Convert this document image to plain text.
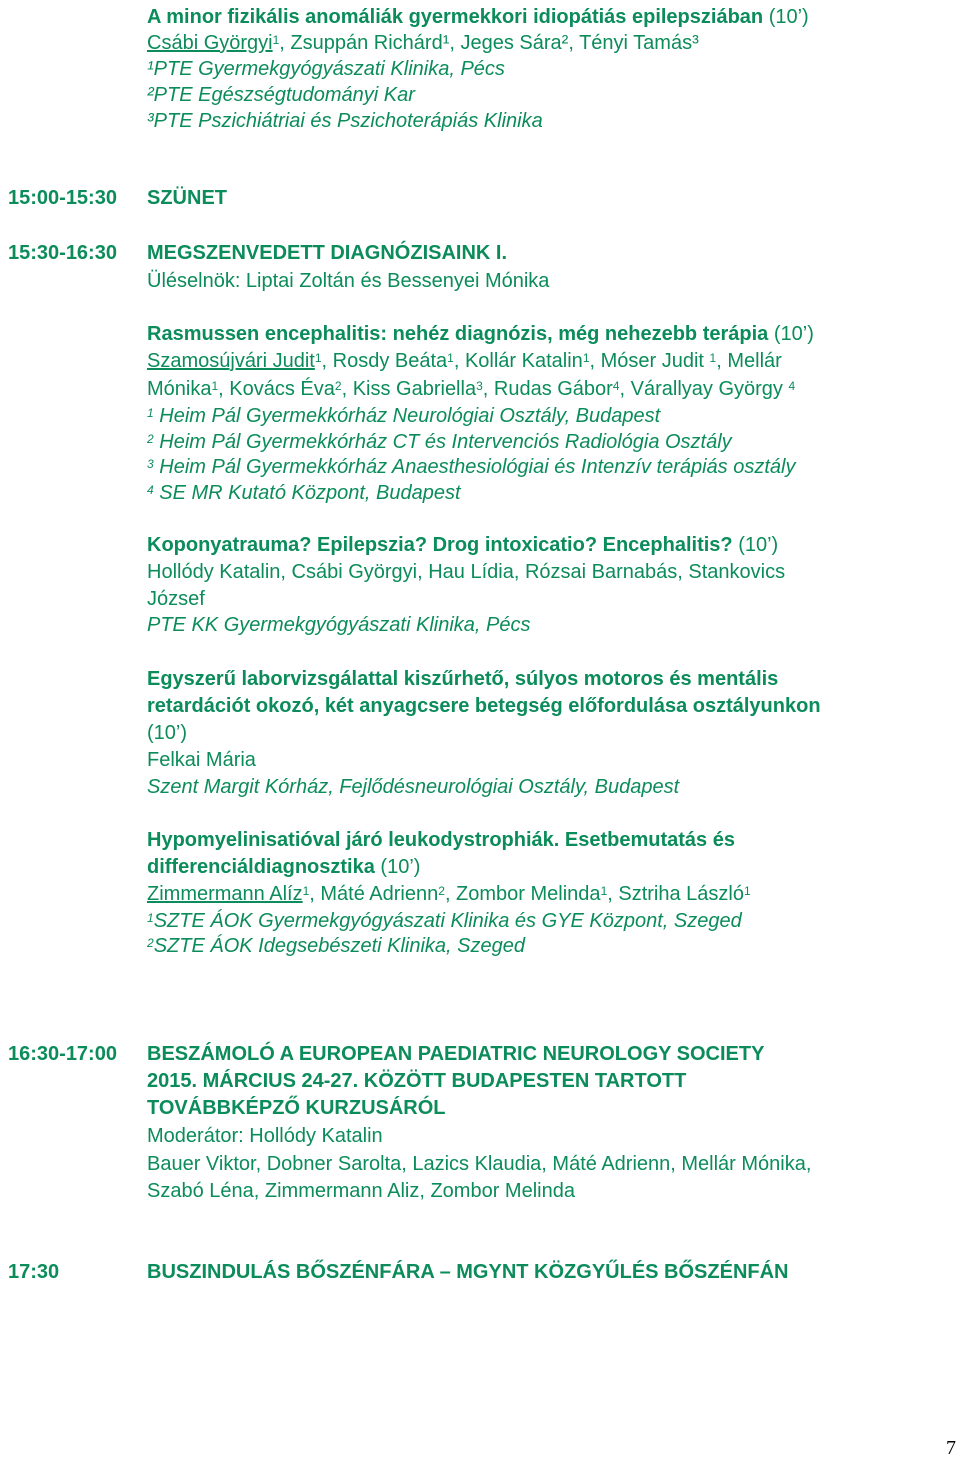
A minor fizikális anomáliák gyermekkori idiopátiás epilepsziában (10’)
Csábi Györgyi$^1$, Zsuppán Richárd¹, Jeges Sára², Tényi Tamás³
¹PTE Gyermekgyógyászati Klinika, Pécs
²PTE Egészségtudományi Kar
³PTE Pszichiátriai és Pszichoterápiás Klinika
15:00-15:30 SZÜNET
15:30-16:30 MEGSZENVEDETT DIAGNÓZISAINK I.
Üléselnök: Liptai Zoltán és Bessenyei Mónika
Rasmussen encephalitis: nehéz diagnózis, még nehezebb terápia (10’)
Szamosújvári Judit$^1$, Rosdy Beáta$^1$, Kollár Katalin$^1$, Móser Judit $^1$, Mellár
Mónika$^1$, Kovács Éva$^2$, Kiss Gabriella$^3$, Rudas Gábor$^4$, Várallyay György $^4$
$^1$ Heim Pál Gyermekkórház Neurológiai Osztály, Budapest
$^2$ Heim Pál Gyermekkórház CT és Intervenciós Radiológia Osztály
$^3$ Heim Pál Gyermekkórház Anaesthesiológiai és Intenzív terápiás osztály
$^4$ SE MR Kutató Központ, Budapest
Koponyatrauma? Epilepszia? Drog intoxicatio? Encephalitis? (10’)
Hollódy Katalin, Csábi Györgyi, Hau Lídia, Rózsai Barnabás, Stankovics
József
PTE KK Gyermekgyógyászati Klinika, Pécs
Egyszerű laborvizsgálattal kiszűrhető, súlyos motoros és mentális
retardációt okozó, két anyagcsere betegség előfordulása osztályunkon
(10’)
Felkai Mária
Szent Margit Kórház, Fejlődésneurológiai Osztály, Budapest
Hypomyelinisatióval járó leukodystrophiák. Esetbemutatás és
differenciáldiagnosztika (10’)
Zimmermann Alíz$^1$, Máté Adrienn$^2$, Zombor Melinda$^1$, Sztriha László$^1$
$^1$SZTE ÁOK Gyermekgyógyászati Klinika és GYE Központ, Szeged
$^2$SZTE ÁOK Idegsebészeti Klinika, Szeged
16:30-17:00 BESZÁMOLÓ A EUROPEAN PAEDIATRIC NEUROLOGY SOCIETY
2015. MÁRCIUS 24-27. KÖZÖTT BUDAPESTEN TARTOTT
TOVÁBBKÉPZŐ KURZUSÁRÓL
Moderátor: Hollódy Katalin
Bauer Viktor, Dobner Sarolta, Lazics Klaudia, Máté Adrienn, Mellár Mónika,
Szabó Léna, Zimmermann Aliz, Zombor Melinda
17:30	BUSZINDULÁS BŐSZÉNFÁRA – MGYNT KÖZGYŰLÉS BŐSZÉNFÁN
7
